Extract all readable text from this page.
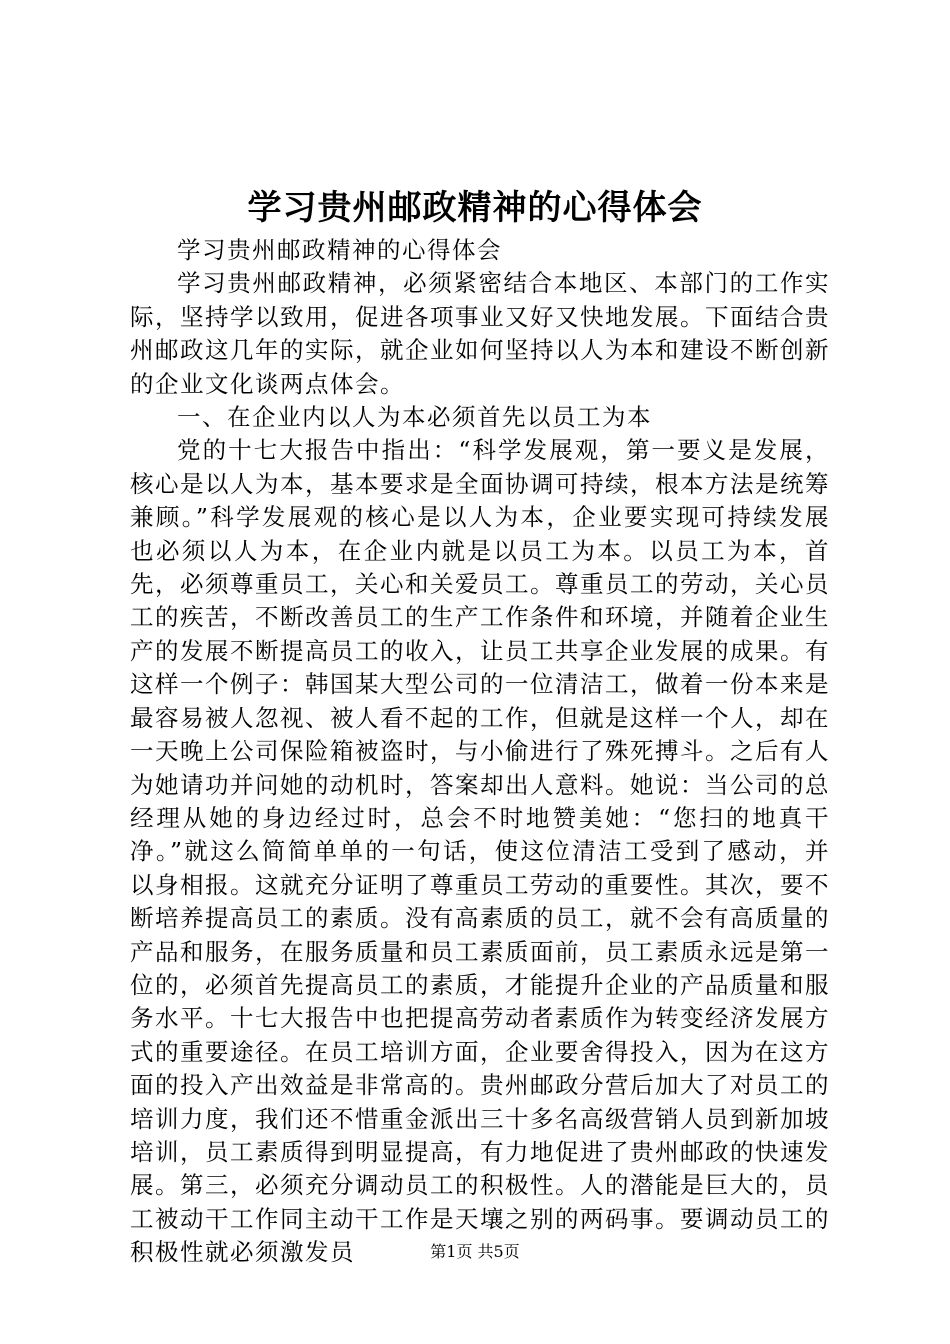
学习贵州邮政精神的心得体会

学习贵州邮政精神的心得体会

学习贵州邮政精神，必须紧密结合本地区、本部门的工作实际，坚持学以致用，促进各项事业又好又快地发展。下面结合贵州邮政这几年的实际，就企业如何坚持以人为本和建设不断创新的企业文化谈两点体会。

一、在企业内以人为本必须首先以员工为本

党的十七大报告中指出：“科学发展观，第一要义是发展，核心是以人为本，基本要求是全面协调可持续，根本方法是统筹兼顾。”科学发展观的核心是以人为本，企业要实现可持续发展也必须以人为本，在企业内就是以员工为本。以员工为本，首先，必须尊重员工，关心和关爱员工。尊重员工的劳动，关心员工的疾苦，不断改善员工的生产工作条件和环境，并随着企业生产的发展不断提高员工的收入，让员工共享企业发展的成果。有这样一个例子：韩国某大型公司的一位清洁工，做着一份本来是最容易被人忽视、被人看不起的工作，但就是这样一个人，却在一天晚上公司保险箱被盗时，与小偷进行了殊死搏斗。之后有人为她请功并问她的动机时，答案却出人意料。她说：当公司的总经理从她的身边经过时，总会不时地赞美她：“您扫的地真干净。”就这么简简单单的一句话，使这位清洁工受到了感动，并以身相报。这就充分证明了尊重员工劳动的重要性。其次，要不断培养提高员工的素质。没有高素质的员工，就不会有高质量的产品和服务，在服务质量和员工素质面前，员工素质永远是第一位的，必须首先提高员工的素质，才能提升企业的产品质量和服务水平。十七大报告中也把提高劳动者素质作为转变经济发展方式的重要途径。在员工培训方面，企业要舍得投入，因为在这方面的投入产出效益是非常高的。贵州邮政分营后加大了对员工的培训力度，我们还不惜重金派出三十多名高级营销人员到新加坡培训，员工素质得到明显提高，有力地促进了贵州邮政的快速发展。第三，必须充分调动员工的积极性。人的潜能是巨大的，员工被动干工作同主动干工作是天壤之别的两码事。要调动员工的积极性就必须激发员	第1页 共5页
